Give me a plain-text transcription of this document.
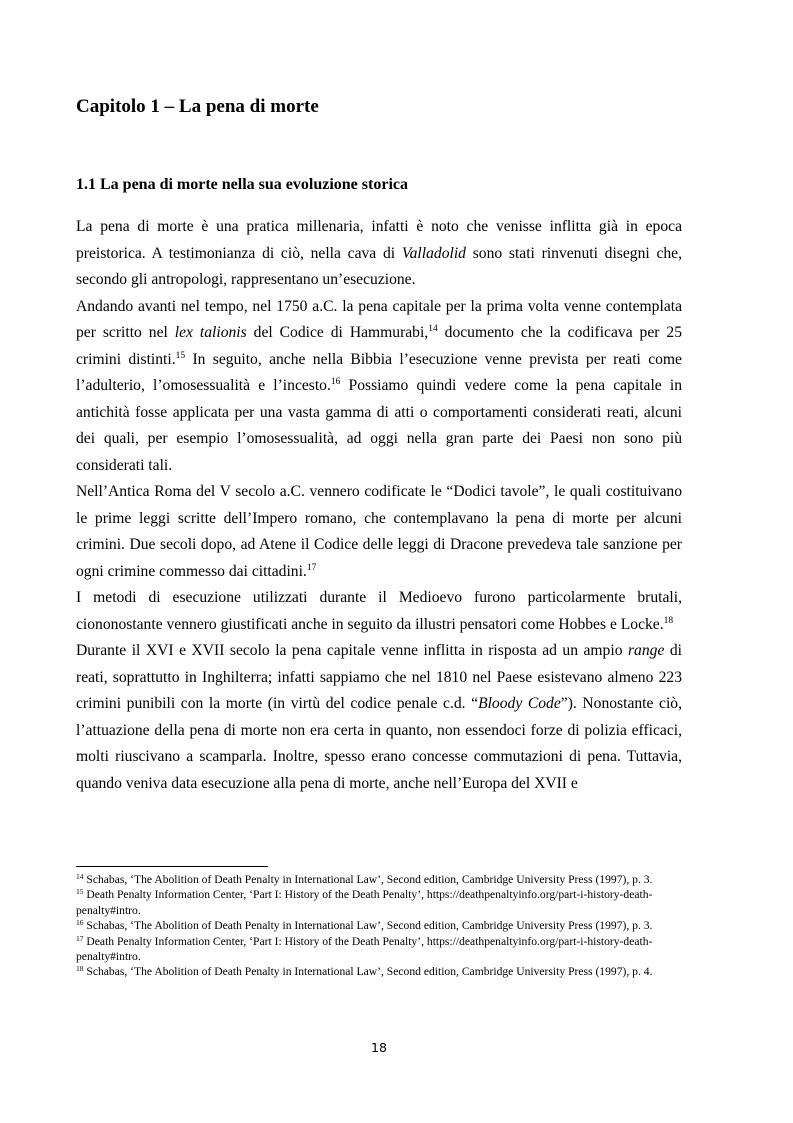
Capitolo 1 – La pena di morte
1.1 La pena di morte nella sua evoluzione storica

La pena di morte è una pratica millenaria, infatti è noto che venisse inflitta già in epoca preistorica. A testimonianza di ciò, nella cava di Valladolid sono stati rinvenuti disegni che, secondo gli antropologi, rappresentano un’esecuzione.

Andando avanti nel tempo, nel 1750 a.C. la pena capitale per la prima volta venne contemplata per scritto nel lex talionis del Codice di Hammurabi,$^{14}$ documento che la codificava per 25 crimini distinti.$^{15}$ In seguito, anche nella Bibbia l’esecuzione venne prevista per reati come l’adulterio, l’omosessualità e l’incesto.$^{16}$ Possiamo quindi vedere come la pena capitale in antichità fosse applicata per una vasta gamma di atti o comportamenti considerati reati, alcuni dei quali, per esempio l’omosessualità, ad oggi nella gran parte dei Paesi non sono più considerati tali.

Nell’Antica Roma del V secolo a.C. vennero codificate le “Dodici tavole”, le quali costituivano le prime leggi scritte dell’Impero romano, che contemplavano la pena di morte per alcuni crimini. Due secoli dopo, ad Atene il Codice delle leggi di Dracone prevedeva tale sanzione per ogni crimine commesso dai cittadini.$^{17}$

I metodi di esecuzione utilizzati durante il Medioevo furono particolarmente brutali, ciononostante vennero giustificati anche in seguito da illustri pensatori come Hobbes e Locke.$^{18}$

Durante il XVI e XVII secolo la pena capitale venne inflitta in risposta ad un ampio range di reati, soprattutto in Inghilterra; infatti sappiamo che nel 1810 nel Paese esistevano almeno 223 crimini punibili con la morte (in virtù del codice penale c.d. “Bloody Code”). Nonostante ciò, l’attuazione della pena di morte non era certa in quanto, non essendoci forze di polizia efficaci, molti riuscivano a scamparla. Inoltre, spesso erano concesse commutazioni di pena. Tuttavia, quando veniva data esecuzione alla pena di morte, anche nell’Europa del XVII e

$^{14}$ Schabas, ‘The Abolition of Death Penalty in International Law’, Second edition, Cambridge University Press (1997), p. 3.

$^{15}$ Death Penalty Information Center, ‘Part I: History of the Death Penalty’, https://deathpenaltyinfo.org/part-i-history-death-penalty#intro.

$^{16}$ Schabas, ‘The Abolition of Death Penalty in International Law’, Second edition, Cambridge University Press (1997), p. 3.

$^{17}$ Death Penalty Information Center, ‘Part I: History of the Death Penalty’, https://deathpenaltyinfo.org/part-i-history-death-penalty#intro.

$^{18}$ Schabas, ‘The Abolition of Death Penalty in International Law’, Second edition, Cambridge University Press (1997), p. 4.

18
